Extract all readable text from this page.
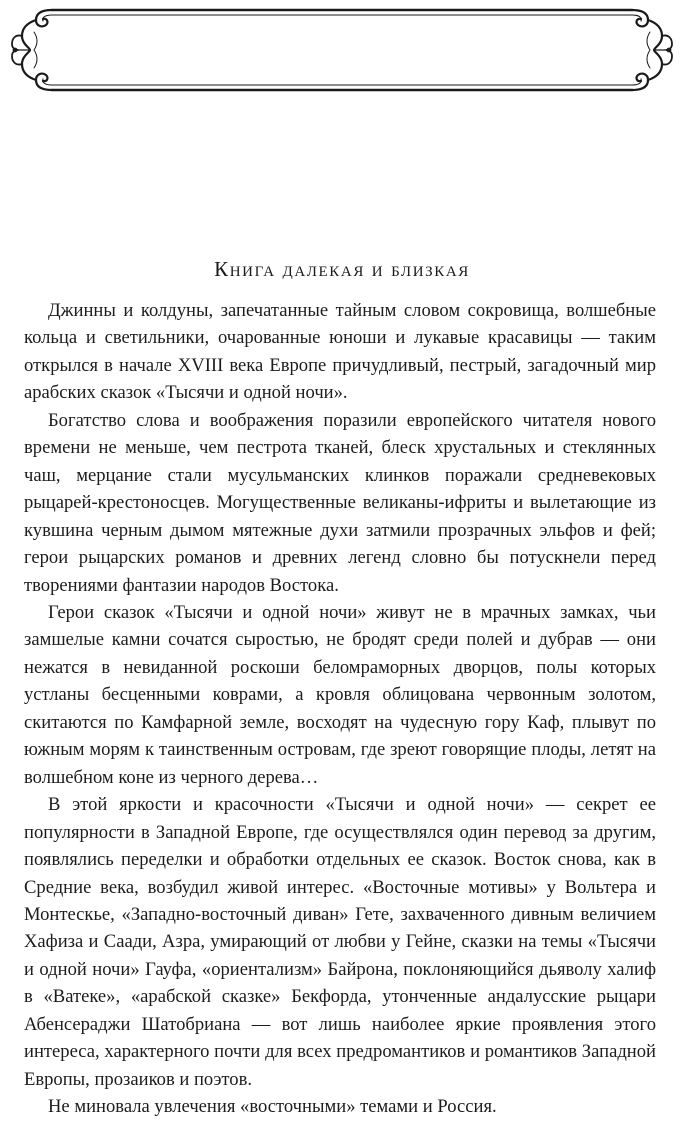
Книга далекая и близкая

Джинны и колдуны, запечатанные тайным словом сокровища, волшебные кольца и светильники, очарованные юноши и лукавые красавицы — таким открылся в начале XVIII века Европе причудливый, пестрый, загадочный мир арабских сказок «Тысячи и одной ночи».

Богатство слова и воображения поразили европейского читателя нового времени не меньше, чем пестрота тканей, блеск хрустальных и стеклянных чаш, мерцание стали мусульманских клинков поражали средневековых рыцарей-крестоносцев. Могущественные великаны-ифриты и вылетающие из кувшина черным дымом мятежные духи затмили прозрачных эльфов и фей; герои рыцарских романов и древних легенд словно бы потускнели перед творениями фантазии народов Востока.

Герои сказок «Тысячи и одной ночи» живут не в мрачных замках, чьи замшелые камни сочатся сыростью, не бродят среди полей и дубрав — они нежатся в невиданной роскоши беломраморных дворцов, полы которых устланы бесценными коврами, а кровля облицована червонным золотом, скитаются по Камфарной земле, восходят на чудесную гору Каф, плывут по южным морям к таинственным островам, где зреют говорящие плоды, летят на волшебном коне из черного дерева…

В этой яркости и красочности «Тысячи и одной ночи» — секрет ее популярности в Западной Европе, где осуществлялся один перевод за другим, появлялись переделки и обработки отдельных ее сказок. Восток снова, как в Средние века, возбудил живой интерес. «Восточные мотивы» у Вольтера и Монтескье, «Западно-восточный диван» Гете, захваченного дивным величием Хафиза и Саади, Азра, умирающий от любви у Гейне, сказки на темы «Тысячи и одной ночи» Гауфа, «ориентализм» Байрона, поклоняющийся дьяволу халиф в «Ватеке», «арабской сказке» Бекфорда, утонченные андалусские рыцари Абенсераджи Шатобриана — вот лишь наиболее яркие проявления этого интереса, характерного почти для всех предромантиков и романтиков Западной Европы, прозаиков и поэтов.

Не миновала увлечения «восточными» темами и Россия.
